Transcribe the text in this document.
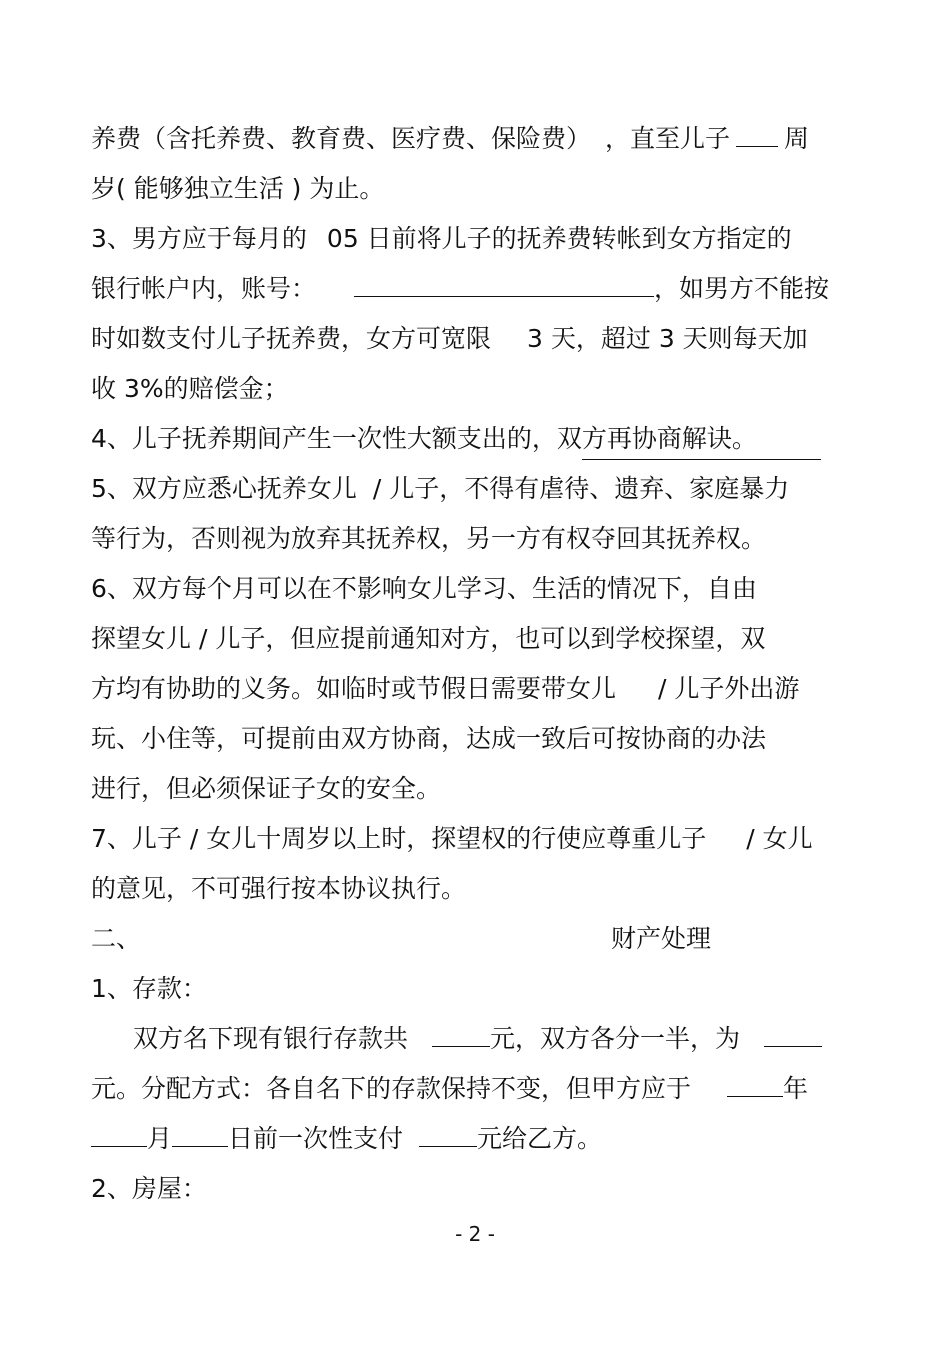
养费（含托养费、教育费、医疗费、保险费） ，直至儿子 周
岁( 能够独立生活 ) 为止。
3、男方应于每月的 05 日前将儿子的抚养费转帐到女方指定的
银行帐户内，账号：	，如男方不能按
时如数支付儿子抚养费，女方可宽限 3 天，超过 3 天则每天加
收 3%的赔偿金；
4、儿子抚养期间产生一次性大额支出的，双方再协商解诀。
5、双方应悉心抚养女儿 / 儿子，不得有虐待、遗弃、家庭暴力
等行为，否则视为放弃其抚养权，另一方有权夺回其抚养权。
6、双方每个月可以在不影响女儿学习、生活的情况下，自由
探望女儿 / 儿子，但应提前通知对方，也可以到学校探望，双
方均有协助的义务。如临时或节假日需要带女儿 / 儿子外出游
玩、小住等，可提前由双方协商，达成一致后可按协商的办法
进行，但必须保证子女的安全。
7、儿子 / 女儿十周岁以上时，探望权的行使应尊重儿子 / 女儿
的意见，不可强行按本协议执行。
二、	财产处理
1、存款：
双方名下现有银行存款共	元，双方各分一半，为
元。分配方式：各自名下的存款保持不变，但甲方应于	年
月 日前一次性支付	元给乙方。
2、房屋：
- 2 -
